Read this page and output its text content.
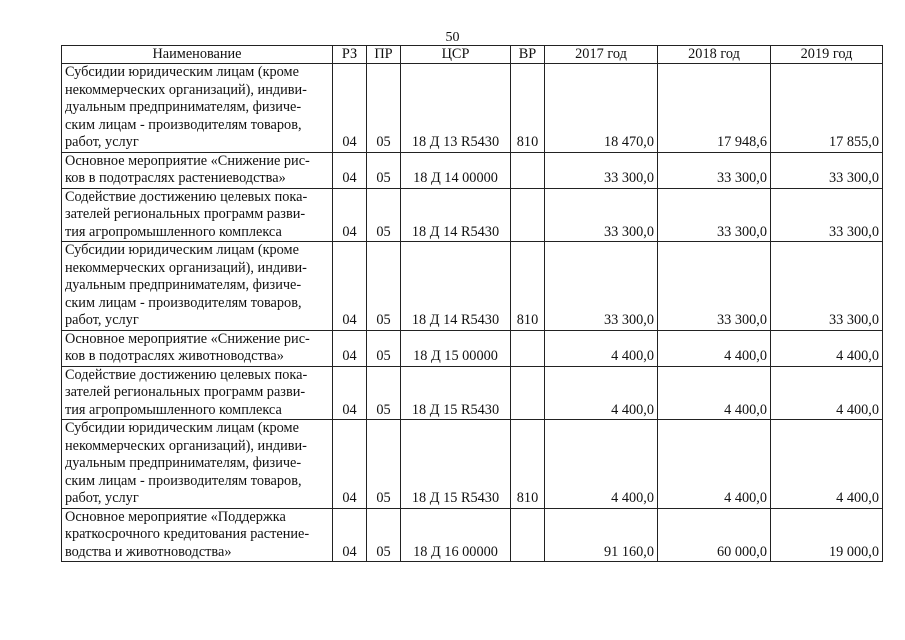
50
Наименование	РЗ	ПР	ЦСР	ВР	2017 год	2018 год	2019 год
Субсидии юридическим лицам (кроме
некоммерческих организаций), индиви-
дуальным предпринимателям, физиче-
ским лицам - производителям товаров,
работ, услуг	04	05	18 Д 13 R5430	810	18 470,0	17 948,6	17 855,0
Основное мероприятие «Снижение рис-
ков в подотраслях растениеводства»	04	05	18 Д 14 00000		33 300,0	33 300,0	33 300,0
Содействие достижению целевых пока-
зателей региональных программ разви-
тия агропромышленного комплекса	04	05	18 Д 14 R5430		33 300,0	33 300,0	33 300,0
Субсидии юридическим лицам (кроме
некоммерческих организаций), индиви-
дуальным предпринимателям, физиче-
ским лицам - производителям товаров,
работ, услуг	04	05	18 Д 14 R5430	810	33 300,0	33 300,0	33 300,0
Основное мероприятие «Снижение рис-
ков в подотраслях животноводства»	04	05	18 Д 15 00000		4 400,0	4 400,0	4 400,0
Содействие достижению целевых пока-
зателей региональных программ разви-
тия агропромышленного комплекса	04	05	18 Д 15 R5430		4 400,0	4 400,0	4 400,0
Субсидии юридическим лицам (кроме
некоммерческих организаций), индиви-
дуальным предпринимателям, физиче-
ским лицам - производителям товаров,
работ, услуг	04	05	18 Д 15 R5430	810	4 400,0	4 400,0	4 400,0
Основное мероприятие «Поддержка
краткосрочного кредитования растение-
водства и животноводства»	04	05	18 Д 16 00000		91 160,0	60 000,0	19 000,0
